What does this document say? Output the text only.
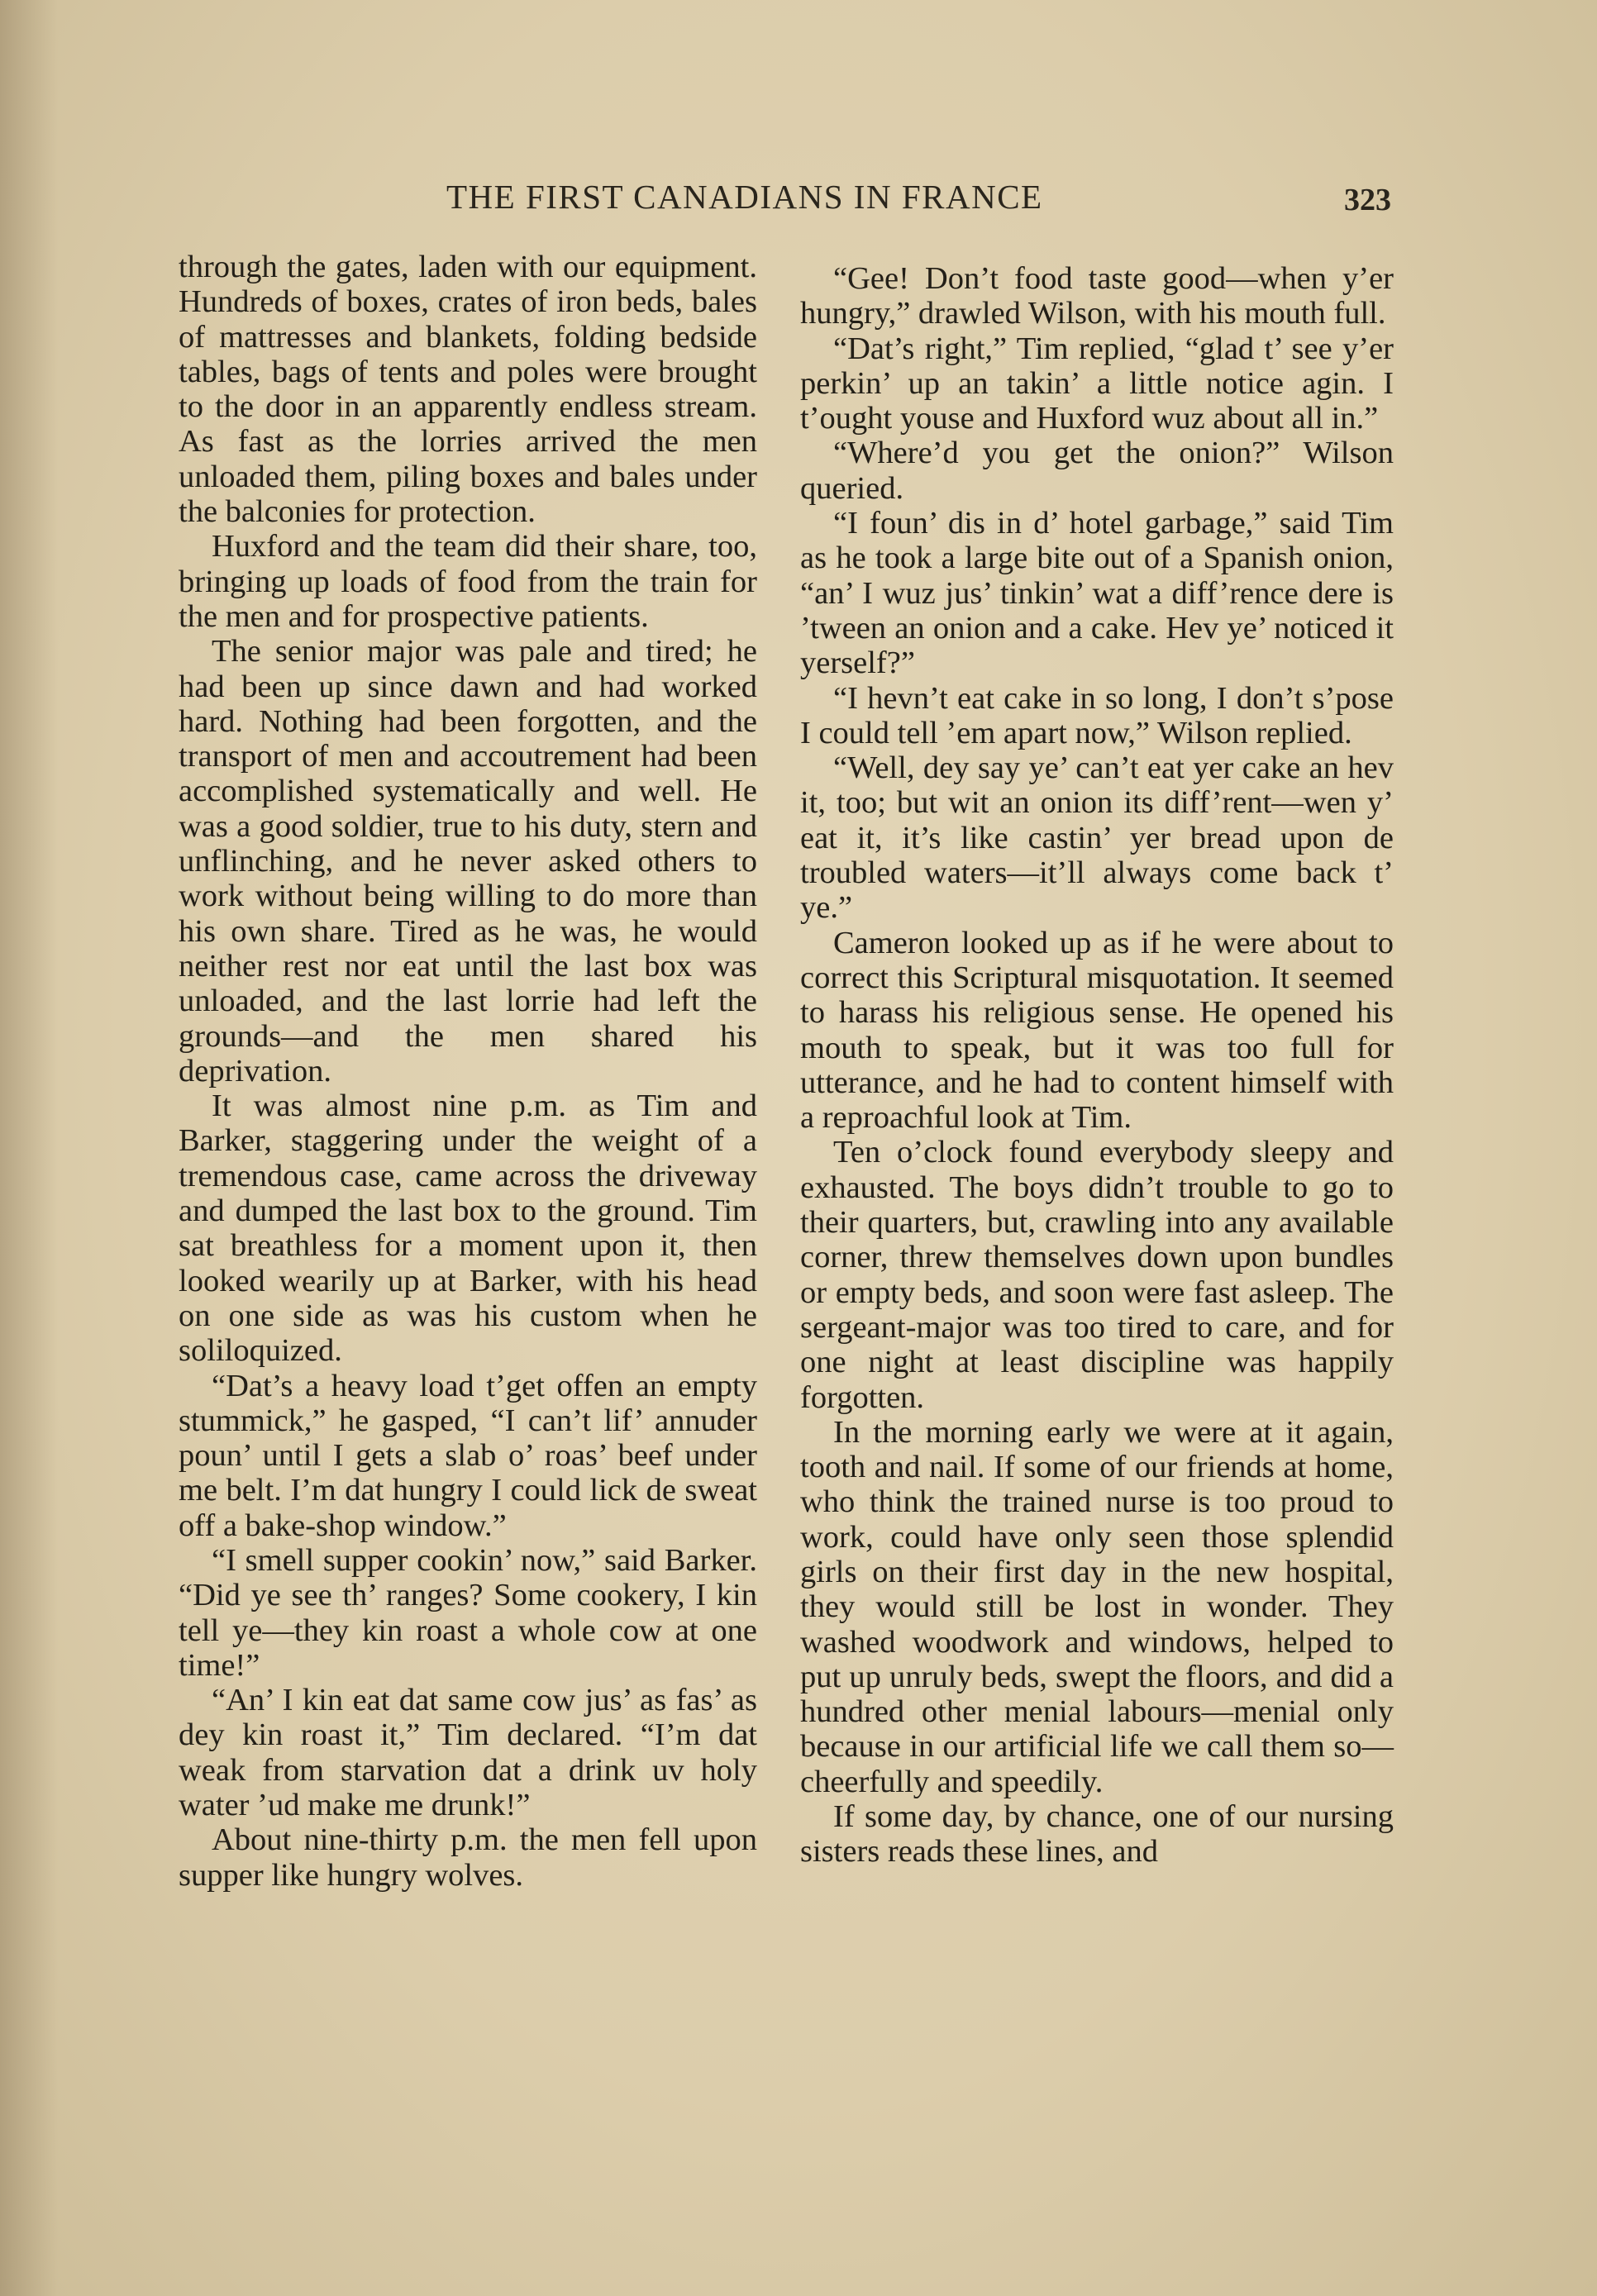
THE FIRST CANADIANS IN FRANCE	323

through the gates, laden with our equipment. Hundreds of boxes, crates of iron beds, bales of mattresses and blankets, folding bedside tables, bags of tents and poles were brought to the door in an apparently endless stream. As fast as the lorries arrived the men unloaded them, piling boxes and bales under the balconies for protection.

Huxford and the team did their share, too, bringing up loads of food from the train for the men and for prospective patients.

The senior major was pale and tired; he had been up since dawn and had worked hard. Nothing had been forgotten, and the transport of men and accoutrement had been accomplished systematically and well. He was a good soldier, true to his duty, stern and unflinching, and he never asked others to work without being willing to do more than his own share. Tired as he was, he would neither rest nor eat until the last box was unloaded, and the last lorrie had left the grounds—and the men shared his deprivation.

It was almost nine p.m. as Tim and Barker, staggering under the weight of a tremendous case, came across the driveway and dumped the last box to the ground. Tim sat breathless for a moment upon it, then looked wearily up at Barker, with his head on one side as was his custom when he soliloquized.

“Dat’s a heavy load t’get offen an empty stummick,” he gasped, “I can’t lif’ annuder poun’ until I gets a slab o’ roas’ beef under me belt. I’m dat hungry I could lick de sweat off a bake-shop window.”

“I smell supper cookin’ now,” said Barker. “Did ye see th’ ranges? Some cookery, I kin tell ye—they kin roast a whole cow at one time!”

“An’ I kin eat dat same cow jus’ as fas’ as dey kin roast it,” Tim declared. “I’m dat weak from starvation dat a drink uv holy water ’ud make me drunk!”

About nine-thirty p.m. the men fell upon supper like hungry wolves.

“Gee! Don’t food taste good—when y’er hungry,” drawled Wilson, with his mouth full.

“Dat’s right,” Tim replied, “glad t’ see y’er perkin’ up an takin’ a little notice agin. I t’ought youse and Huxford wuz about all in.”

“Where’d you get the onion?” Wilson queried.

“I foun’ dis in d’ hotel garbage,” said Tim as he took a large bite out of a Spanish onion, “an’ I wuz jus’ tinkin’ wat a diff’rence dere is ’tween an onion and a cake. Hev ye’ noticed it yerself?”

“I hevn’t eat cake in so long, I don’t s’pose I could tell ’em apart now,” Wilson replied.

“Well, dey say ye’ can’t eat yer cake an hev it, too; but wit an onion its diff’rent—wen y’ eat it, it’s like castin’ yer bread upon de troubled waters—it’ll always come back t’ ye.”

Cameron looked up as if he were about to correct this Scriptural misquotation. It seemed to harass his religious sense. He opened his mouth to speak, but it was too full for utterance, and he had to content himself with a reproachful look at Tim.

Ten o’clock found everybody sleepy and exhausted. The boys didn’t trouble to go to their quarters, but, crawling into any available corner, threw themselves down upon bundles or empty beds, and soon were fast asleep. The sergeant-major was too tired to care, and for one night at least discipline was happily forgotten.

In the morning early we were at it again, tooth and nail. If some of our friends at home, who think the trained nurse is too proud to work, could have only seen those splendid girls on their first day in the new hospital, they would still be lost in wonder. They washed woodwork and windows, helped to put up unruly beds, swept the floors, and did a hundred other menial labours—menial only because in our artificial life we call them so—cheerfully and speedily.

If some day, by chance, one of our nursing sisters reads these lines, and
